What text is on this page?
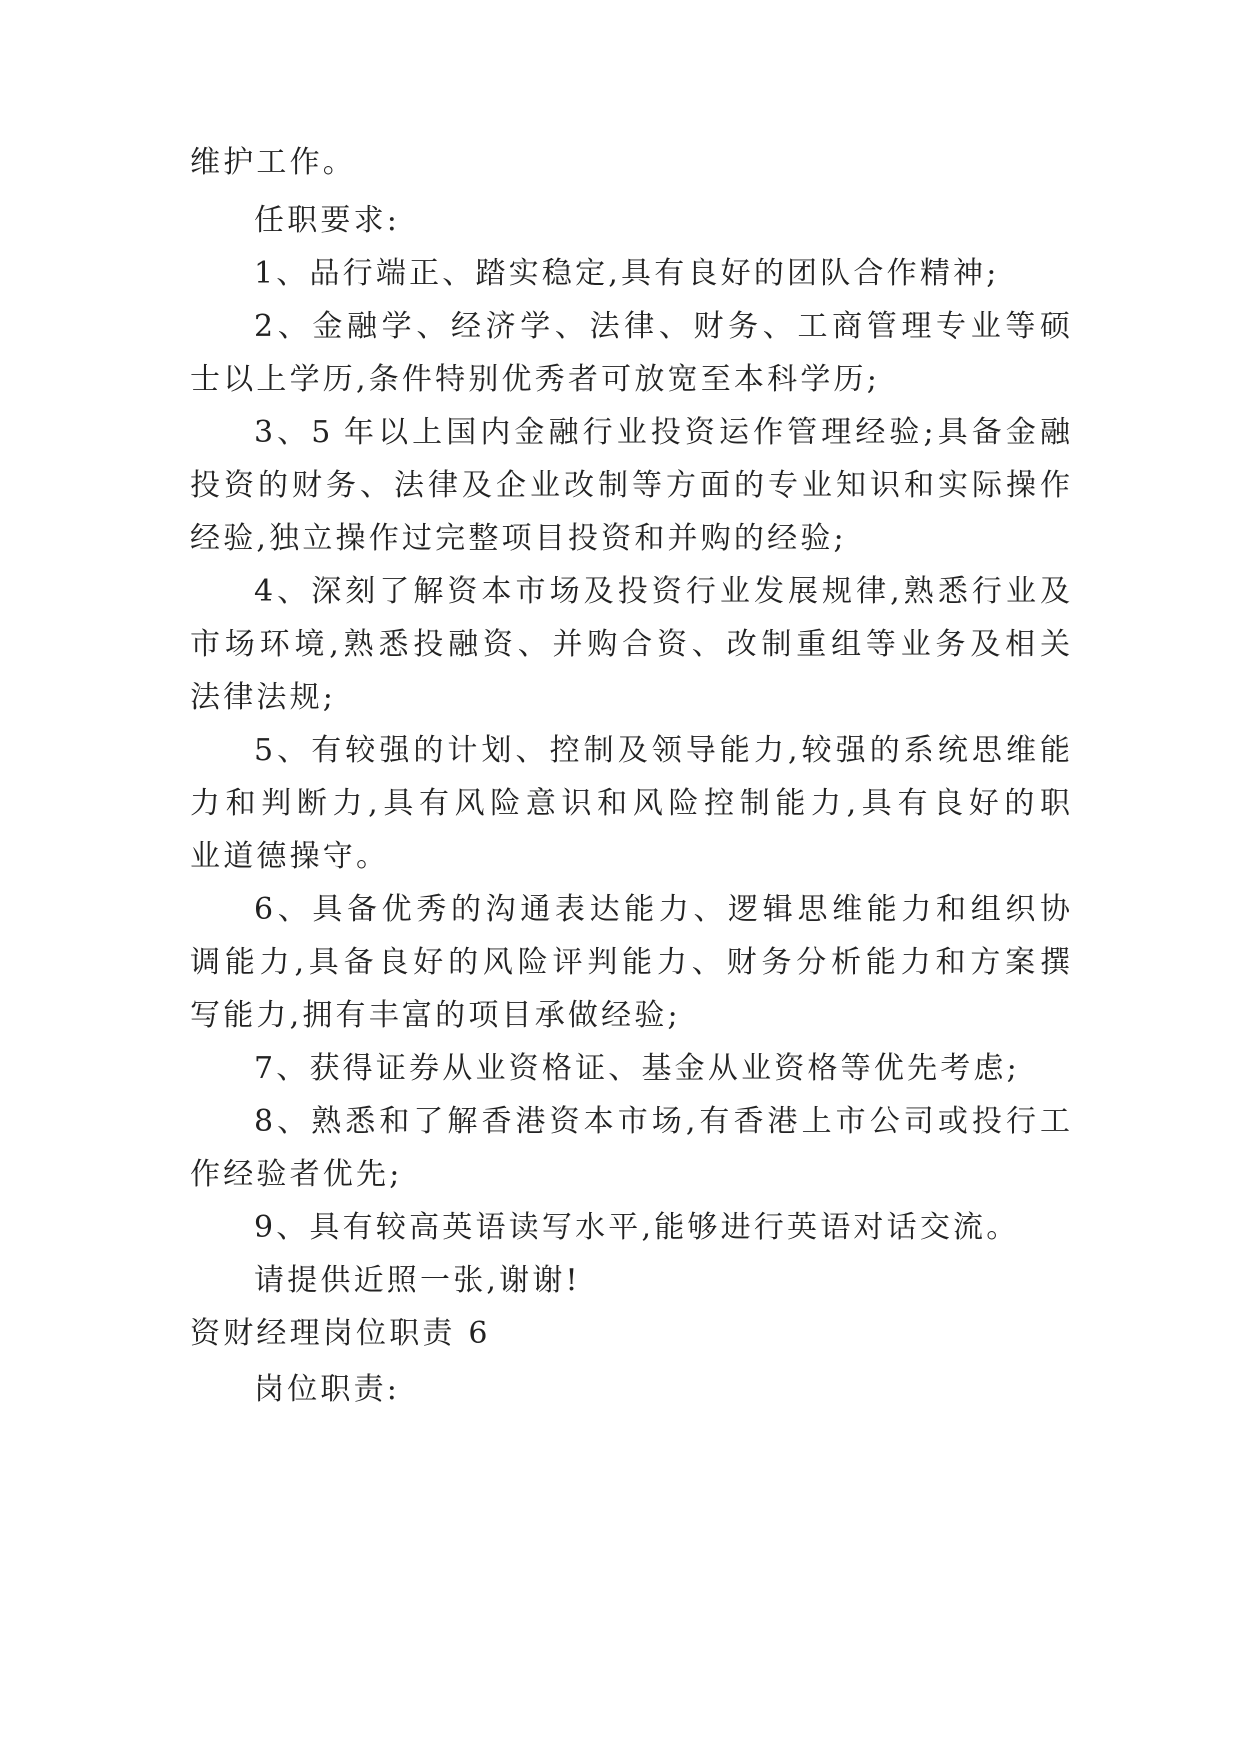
维护工作。
任职要求:
1、品行端正、踏实稳定,具有良好的团队合作精神;
2、金融学、经济学、法律、财务、工商管理专业等硕
士以上学历,条件特别优秀者可放宽至本科学历;
3、5 年以上国内金融行业投资运作管理经验;具备金融
投资的财务、法律及企业改制等方面的专业知识和实际操作
经验,独立操作过完整项目投资和并购的经验;
4、深刻了解资本市场及投资行业发展规律,熟悉行业及
市场环境,熟悉投融资、并购合资、改制重组等业务及相关
法律法规;
5、有较强的计划、控制及领导能力,较强的系统思维能
力和判断力,具有风险意识和风险控制能力,具有良好的职
业道德操守。
6、具备优秀的沟通表达能力、逻辑思维能力和组织协
调能力,具备良好的风险评判能力、财务分析能力和方案撰
写能力,拥有丰富的项目承做经验;
7、获得证券从业资格证、基金从业资格等优先考虑;
8、熟悉和了解香港资本市场,有香港上市公司或投行工
作经验者优先;
9、具有较高英语读写水平,能够进行英语对话交流。
请提供近照一张,谢谢!
资财经理岗位职责 6
岗位职责:
